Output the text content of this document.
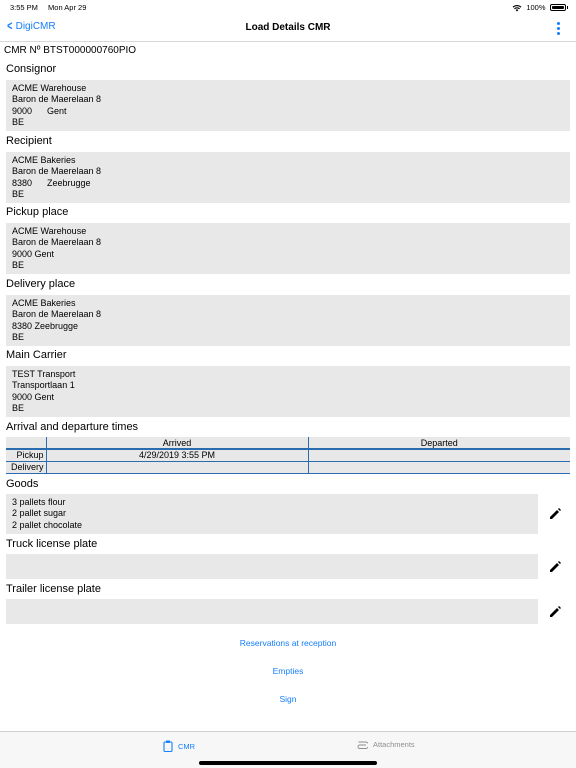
3:55 PM Mon Apr 29	100%
< DigiCMR	Load Details CMR
CMR Nº BTST000000760PIO
Consignor
ACME Warehouse
Baron de Maerelaan 8
9000      Gent
BE
Recipient
ACME Bakeries
Baron de Maerelaan 8
8380      Zeebrugge
BE
Pickup place
ACME Warehouse
Baron de Maerelaan 8
9000 Gent
BE
Delivery place
ACME Bakeries
Baron de Maerelaan 8
8380 Zeebrugge
BE
Main Carrier
TEST Transport
Transportlaan 1
9000 Gent
BE
Arrival and departure times
	Arrived	Departed
Pickup	4/29/2019 3:55 PM	
Delivery		
Goods
3 pallets flour
2 pallet sugar
2 pallet chocolate
Truck license plate
Trailer license plate
Reservations at reception
Empties
Sign
CMR	Attachments
